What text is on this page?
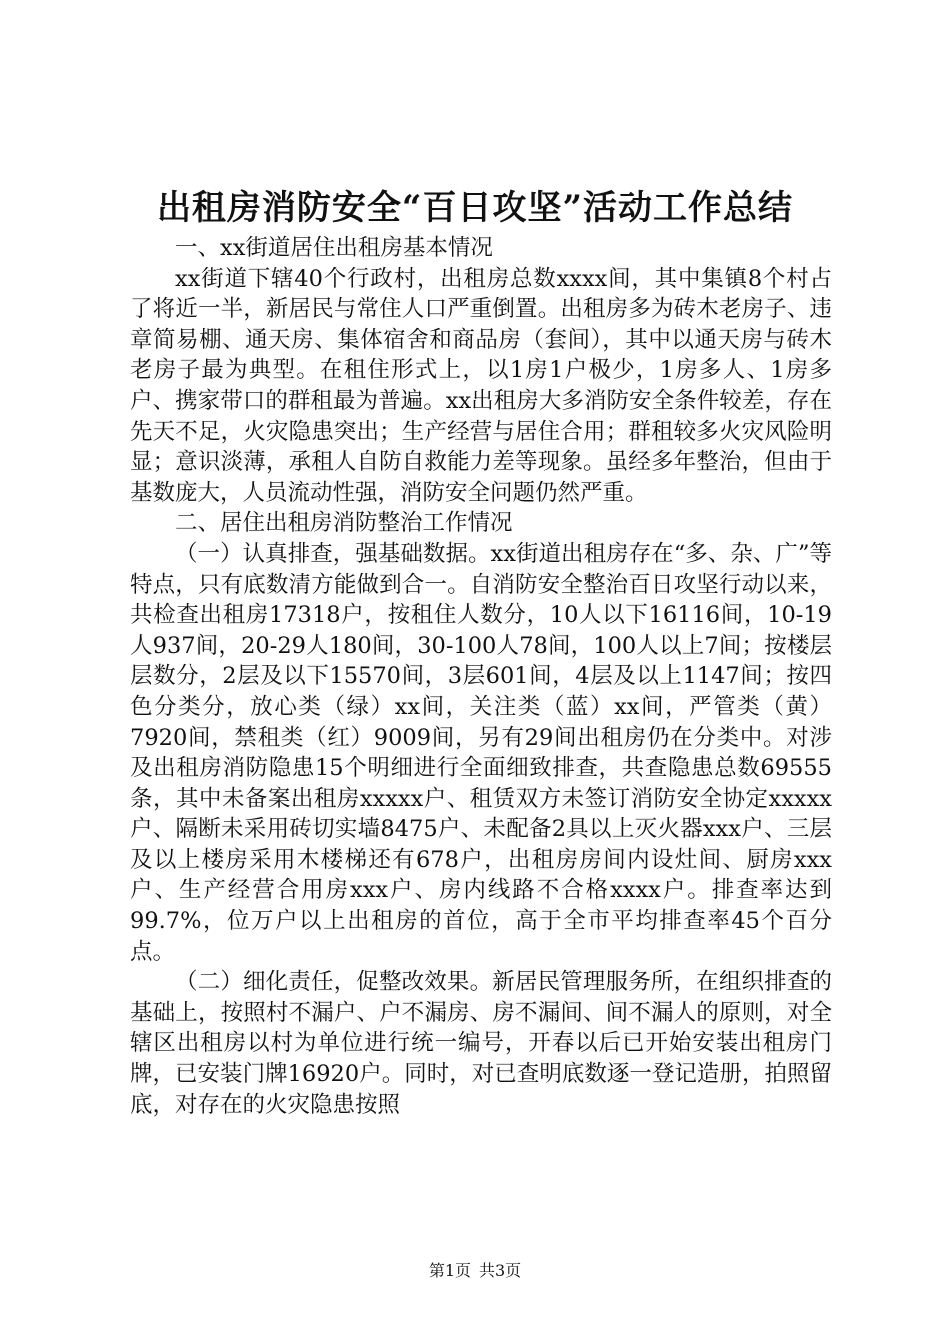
出租房消防安全“百日攻坚”活动工作总结

一、xx街道居住出租房基本情况

xx街道下辖40个行政村，出租房总数xxxx间，其中集镇8个村占了将近一半，新居民与常住人口严重倒置。出租房多为砖木老房子、违章简易棚、通天房、集体宿舍和商品房（套间），其中以通天房与砖木老房子最为典型。在租住形式上，以1房1户极少，1房多人、1房多户、携家带口的群租最为普遍。xx出租房大多消防安全条件较差，存在先天不足，火灾隐患突出；生产经营与居住合用；群租较多火灾风险明显；意识淡薄，承租人自防自救能力差等现象。虽经多年整治，但由于基数庞大，人员流动性强，消防安全问题仍然严重。

二、居住出租房消防整治工作情况

（一）认真排查，强基础数据。xx街道出租房存在“多、杂、广”等特点，只有底数清方能做到合一。自消防安全整治百日攻坚行动以来，共检查出租房17318户，按租住人数分，10人以下16116间，10-19人937间，20-29人180间，30-100人78间，100人以上7间；按楼层层数分，2层及以下15570间，3层601间，4层及以上1147间；按四色分类分，放心类（绿）xx间，关注类（蓝）xx间，严管类（黄）7920间，禁租类（红）9009间，另有29间出租房仍在分类中。对涉及出租房消防隐患15个明细进行全面细致排查，共查隐患总数69555条，其中未备案出租房xxxxx户、租赁双方未签订消防安全协定xxxxx户、隔断未采用砖切实墙8475户、未配备2具以上灭火器xxx户、三层及以上楼房采用木楼梯还有678户，出租房房间内设灶间、厨房xxx户、生产经营合用房xxx户、房内线路不合格xxxx户。排查率达到99.7%，位万户以上出租房的首位，高于全市平均排查率45个百分点。

（二）细化责任，促整改效果。新居民管理服务所，在组织排查的基础上，按照村不漏户、户不漏房、房不漏间、间不漏人的原则，对全辖区出租房以村为单位进行统一编号，开春以后已开始安装出租房门牌，已安装门牌16920户。同时，对已查明底数逐一登记造册，拍照留底，对存在的火灾隐患按照

第1页 共3页
